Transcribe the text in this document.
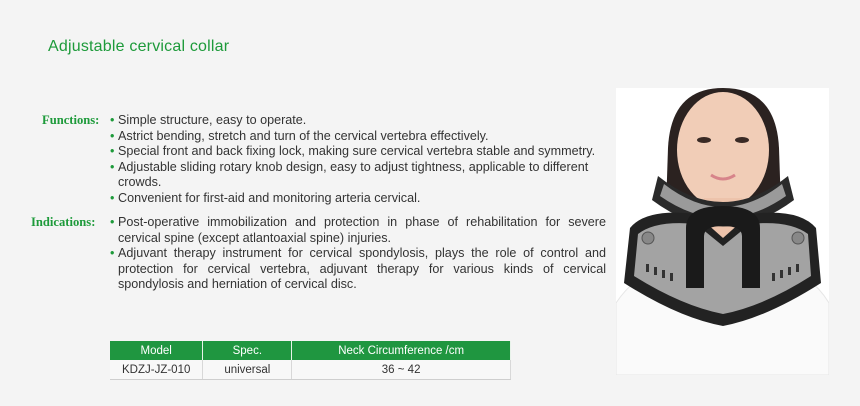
Adjustable cervical collar
Functions: • Simple structure, easy to operate.
• Astrict bending, stretch and turn of the cervical vertebra effectively.
• Special front and back fixing lock, making sure cervical vertebra stable and symmetry.
• Adjustable sliding rotary knob design, easy to adjust tightness, applicable to different crowds.
• Convenient for first-aid and monitoring arteria cervical.
Indications: • Post-operative immobilization and protection in phase of rehabilitation for severe cervical spine (except atlantoaxial spine) injuries.
• Adjuvant therapy instrument for cervical spondylosis, plays the role of control and protection for cervical vertebra, adjuvant therapy for various kinds of cervical spondylosis and herniation of cervical disc.
Model	Spec.	Neck Circumference /cm
KDZJ-JZ-010	universal	36 ~ 42
